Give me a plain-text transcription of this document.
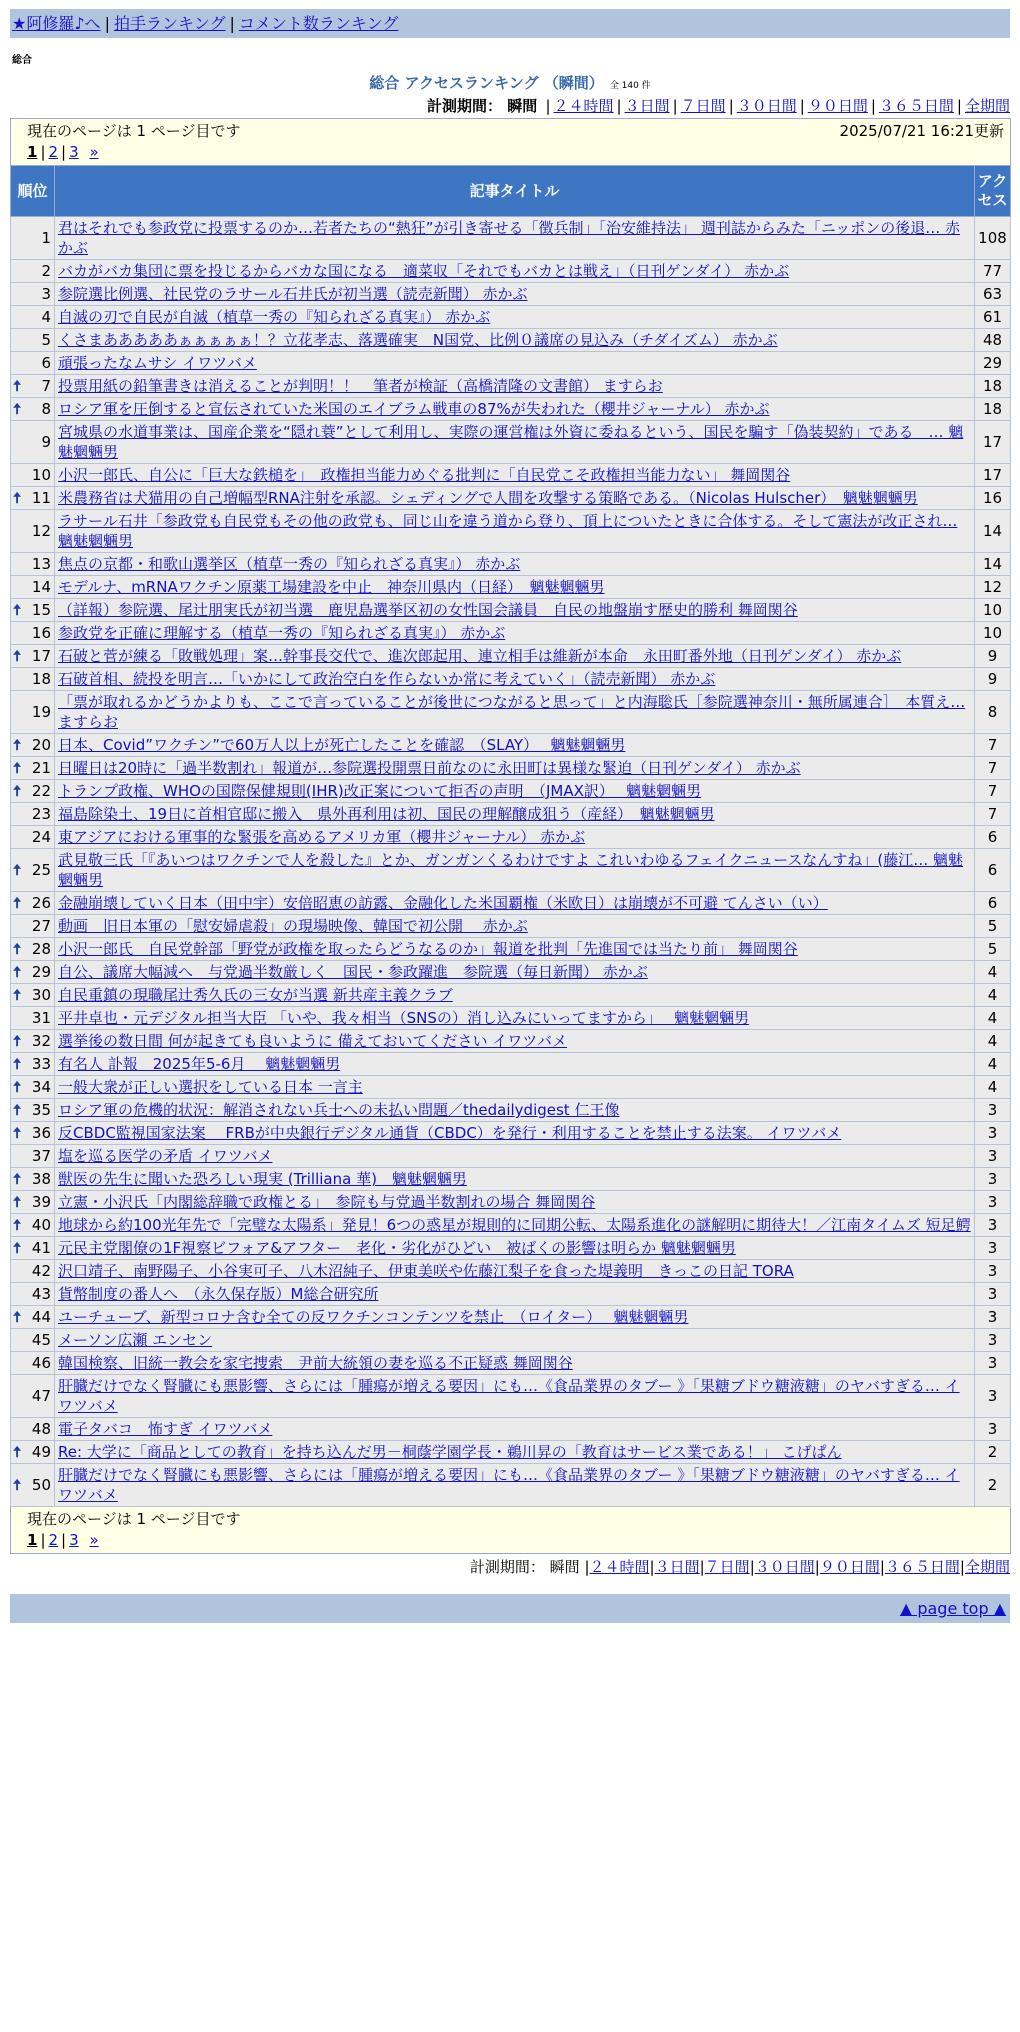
★阿修羅♪へ | 拍手ランキング | コメント数ランキング
総合
総合 アクセスランキング （瞬間） 全 140 件
計測期間： 瞬間 | ２４時間 | ３日間 | ７日間 | ３０日間 | ９０日間 | ３６５日間 | 全期間
2025/07/21 16:21更新
現在のページは 1 ページ目です
1 | 2 | 3 »		

順位	記事タイトル	アクセス
1	君はそれでも参政党に投票するのか…若者たちの“熱狂”が引き寄せる「徴兵制」「治安維持法」 週刊誌からみた「ニッポンの後退… 赤かぶ	108
2	バカがバカ集団に票を投じるからバカな国になる　適菜収「それでもバカとは戦え」（日刊ゲンダイ） 赤かぶ	77
3	参院選比例選、社民党のラサール石井氏が初当選（読売新聞） 赤かぶ	63
4	自滅の刃で自民が自滅（植草一秀の『知られざる真実』） 赤かぶ	61
5	くさまあああああぁぁぁぁぁ！？立花孝志、落選確実　N国党、比例０議席の見込み（チダイズム） 赤かぶ	48
6	頑張ったなムサシ イワツバメ	29

🠅 7	投票用紙の鉛筆書きは消えることが判明！！　筆者が検証（高橋清隆の文書館） ますらお	18

🠅 8	ロシア軍を圧倒すると宣伝されていた米国のエイブラム戦車の87%が失われた（櫻井ジャーナル） 赤かぶ	18
9	宮城県の水道事業は、国産企業を“隠れ蓑”として利用し、実際の運営権は外資に委ねるという、国民を騙す「偽装契約」である　… 魑魅魍魎男	17
10	小沢一郎氏、自公に「巨大な鉄槌を」　政権担当能力めぐる批判に「自民党こそ政権担当能力ない」 舞岡関谷	17

🠅 11	米農務省は犬猫用の自己増幅型RNA注射を承認。シェディングで人間を攻撃する策略である。（Nicolas Hulscher）　魑魅魍魎男	16
12	ラサール石井「参政党も自民党もその他の政党も、同じ山を違う道から登り、頂上についたときに合体する。そして憲法が改正され… 魑魅魍魎男	14
13	焦点の京都・和歌山選挙区（植草一秀の『知られざる真実』） 赤かぶ	14
14	モデルナ、mRNAワクチン原薬工場建設を中止　神奈川県内（日経）　魑魅魍魎男	12

🠅 15	（詳報）参院選、尾辻朋実氏が初当選　鹿児島選挙区初の女性国会議員　自民の地盤崩す歴史的勝利 舞岡関谷	10
16	参政党を正確に理解する（植草一秀の『知られざる真実』） 赤かぶ	10

🠅 17	石破と菅が練る「敗戦処理」案…幹事長交代で、進次郎起用、連立相手は維新が本命　永田町番外地（日刊ゲンダイ） 赤かぶ	9
18	石破首相、続投を明言…「いかにして政治空白を作らないか常に考えていく」（読売新聞） 赤かぶ	9
19	「票が取れるかどうかよりも、ここで言っていることが後世につながると思って」と内海聡氏［参院選神奈川・無所属連合］　本質え… ますらお	8

🠅 20	日本、Covid”ワクチン”で60万人以上が死亡したことを確認　（SLAY）　 魑魅魍魎男	7

🠅 21	日曜日は20時に「過半数割れ」報道が…参院選投開票日前なのに永田町は異様な緊迫（日刊ゲンダイ） 赤かぶ	7

🠅 22	トランプ政権、WHOの国際保健規則(IHR)改正案について拒否の声明　（JMAX訳）　 魑魅魍魎男	7
23	福島除染土、19日に首相官邸に搬入　県外再利用は初、国民の理解醸成狙う（産経）　魑魅魍魎男	7
24	東アジアにおける軍事的な緊張を高めるアメリカ軍（櫻井ジャーナル） 赤かぶ	6

🠅 25	武見敬三氏「『あいつはワクチンで人を殺した』とか、ガンガンくるわけですよ これいわゆるフェイクニュースなんすね」(藤江… 魑魅魍魎男	6

🠅 26	金融崩壊していく日本（田中宇）安倍昭恵の訪露、金融化した米国覇権（米欧日）は崩壊が不可避 てんさい（い）	6
27	動画　旧日本軍の「慰安婦虐殺」の現場映像、韓国で初公開　 赤かぶ	5

🠅 28	小沢一郎氏　自民党幹部「野党が政権を取ったらどうなるのか」報道を批判「先進国では当たり前」 舞岡関谷	5

🠅 29	自公、議席大幅減へ　与党過半数厳しく　国民・参政躍進　参院選（毎日新聞） 赤かぶ	4

🠅 30	自民重鎮の現職尾辻秀久氏の三女が当選 新共産主義クラブ	4
31	平井卓也・元デジタル担当大臣 「いや、我々相当（SNSの）消し込みにいってますから」　 魑魅魍魎男	4

🠅 32	選挙後の数日間 何が起きても良いように 備えておいてください イワツバメ	4

🠅 33	有名人 訃報　2025年5-6月　 魑魅魍魎男	4

🠅 34	一般大衆が正しい選択をしている日本 一言主	4

🠅 35	ロシア軍の危機的状況：解消されない兵士への未払い問題／thedailydigest 仁王像	3

🠅 36	反CBDC監視国家法案　 FRBが中央銀行デジタル通貨（CBDC）を発行・利用することを禁止する法案。 イワツバメ	3
37	塩を巡る医学の矛盾 イワツバメ	3

🠅 38	獣医の先生に聞いた恐ろしい現実 (Trilliana 華)　魑魅魍魎男	3

🠅 39	立憲・小沢氏「内閣総辞職で政権とる」　参院も与党過半数割れの場合 舞岡関谷	3

🠅 40	地球から約100光年先で「完璧な太陽系」発見！6つの惑星が規則的に同期公転、太陽系進化の謎解明に期待大！／江南タイムズ 短足鰐	3

🠅 41	元民主党閣僚の1F視察ビフォア&アフター　老化・劣化がひどい　被ばくの影響は明らか 魑魅魍魎男	3
42	沢口靖子、南野陽子、小谷実可子、八木沼純子、伊東美咲や佐藤江梨子を食った堤義明　きっこの日記 TORA	3
43	貨幣制度の番人へ　（永久保存版）M総合研究所	3

🠅 44	ユーチューブ、新型コロナ含む全ての反ワクチンコンテンツを禁止　（ロイター）　 魑魅魍魎男	3
45	メーソン広瀬 エンセン	3
46	韓国検察、旧統一教会を家宅捜索　尹前大統領の妻を巡る不正疑惑 舞岡関谷	3
47	肝臓だけでなく腎臓にも悪影響、さらには「腫瘍が増える要因」にも…《食品業界のタブー 》「果糖ブドウ糖液糖」のヤバすぎる… イワツバメ	3
48	電子タバコ　怖すぎ イワツバメ	3

🠅 49	Re: 大学に「商品としての教育」を持ち込んだ男－桐蔭学園学長・鵜川昇の「教育はサービス業である！」 こげぱん	2

🠅 50	肝臓だけでなく腎臓にも悪影響、さらには「腫瘍が増える要因」にも…《食品業界のタブー 》「果糖ブドウ糖液糖」のヤバすぎる… イワツバメ	2

現在のページは 1 ページ目です
1 | 2 | 3 »		
計測期間： 瞬間 |２４時間|３日間|７日間|３０日間|９０日間|３６５日間|全期間
▲ page top ▲
